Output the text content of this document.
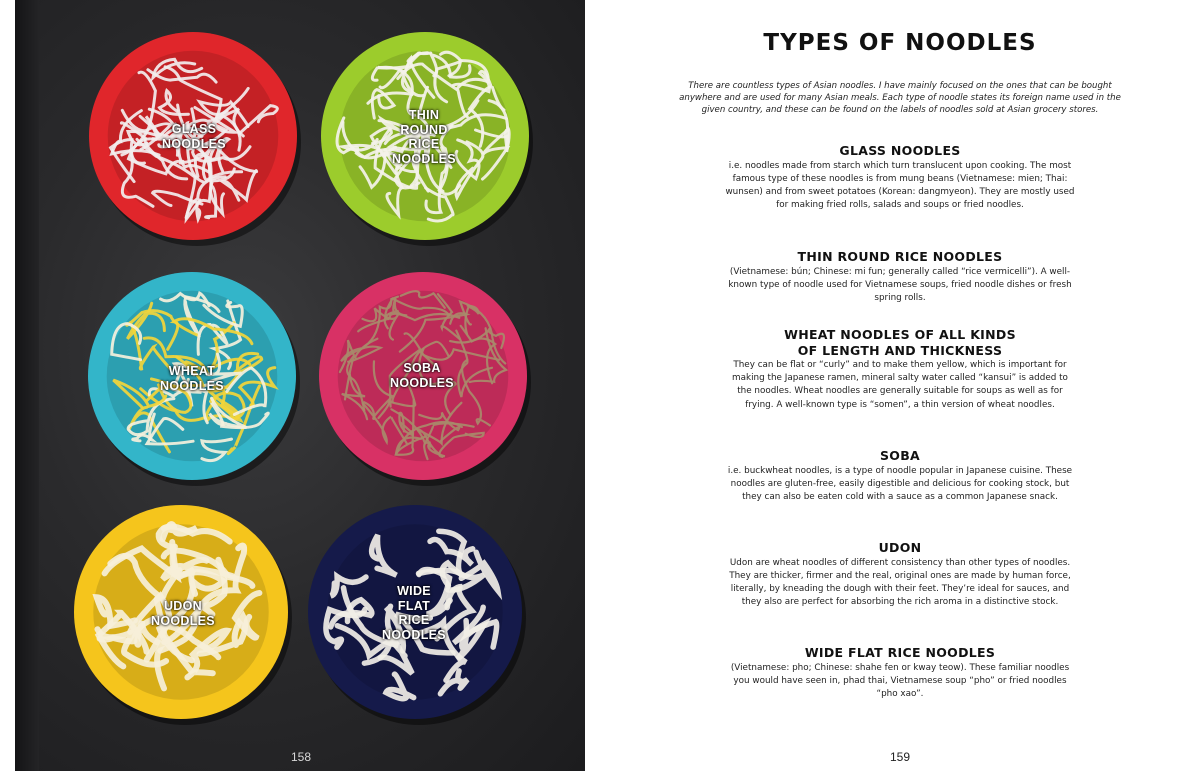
GLASS
NOODLES
THIN
ROUND
RICE
NOODLES
WHEAT
NOODLES
SOBA
NOODLES
UDON
NOODLES
WIDE
FLAT
RICE
NOODLES
158
TYPES OF NOODLES

There are countless types of Asian noodles. I have mainly focused on the ones that can be bought anywhere and are used for many Asian meals. Each type of noodle states its foreign name used in the given country, and these can be found on the labels of noodles sold at Asian grocery stores.

GLASS NOODLES

i.e. noodles made from starch which turn translucent upon cooking. The most famous type of these noodles is from mung beans (Vietnamese: mien; Thai: wunsen) and from sweet potatoes (Korean: dangmyeon). They are mostly used for making fried rolls, salads and soups or fried noodles.

THIN ROUND RICE NOODLES

(Vietnamese: bún; Chinese: mi fun; generally called “rice vermicelli”). A well-known type of noodle used for Vietnamese soups, fried noodle dishes or fresh spring rolls.

WHEAT NOODLES OF ALL KINDS
OF LENGTH AND THICKNESS

They can be flat or “curly” and to make them yellow, which is important for making the Japanese ramen, mineral salty water called “kansui” is added to the noodles. Wheat noodles are generally suitable for soups as well as for frying. A well-known type is “somen”, a thin version of wheat noodles.

SOBA

i.e. buckwheat noodles, is a type of noodle popular in Japanese cuisine. These noodles are gluten-free, easily digestible and delicious for cooking stock, but they can also be eaten cold with a sauce as a common Japanese snack.

UDON

Udon are wheat noodles of different consistency than other types of noodles. They are thicker, firmer and the real, original ones are made by human force, literally, by kneading the dough with their feet. They’re ideal for sauces, and they also are perfect for absorbing the rich aroma in a distinctive stock.

WIDE FLAT RICE NOODLES

(Vietnamese: pho; Chinese: shahe fen or kway teow). These familiar noodles you would have seen in, phad thai, Vietnamese soup “pho” or fried noodles “pho xao”.

159
